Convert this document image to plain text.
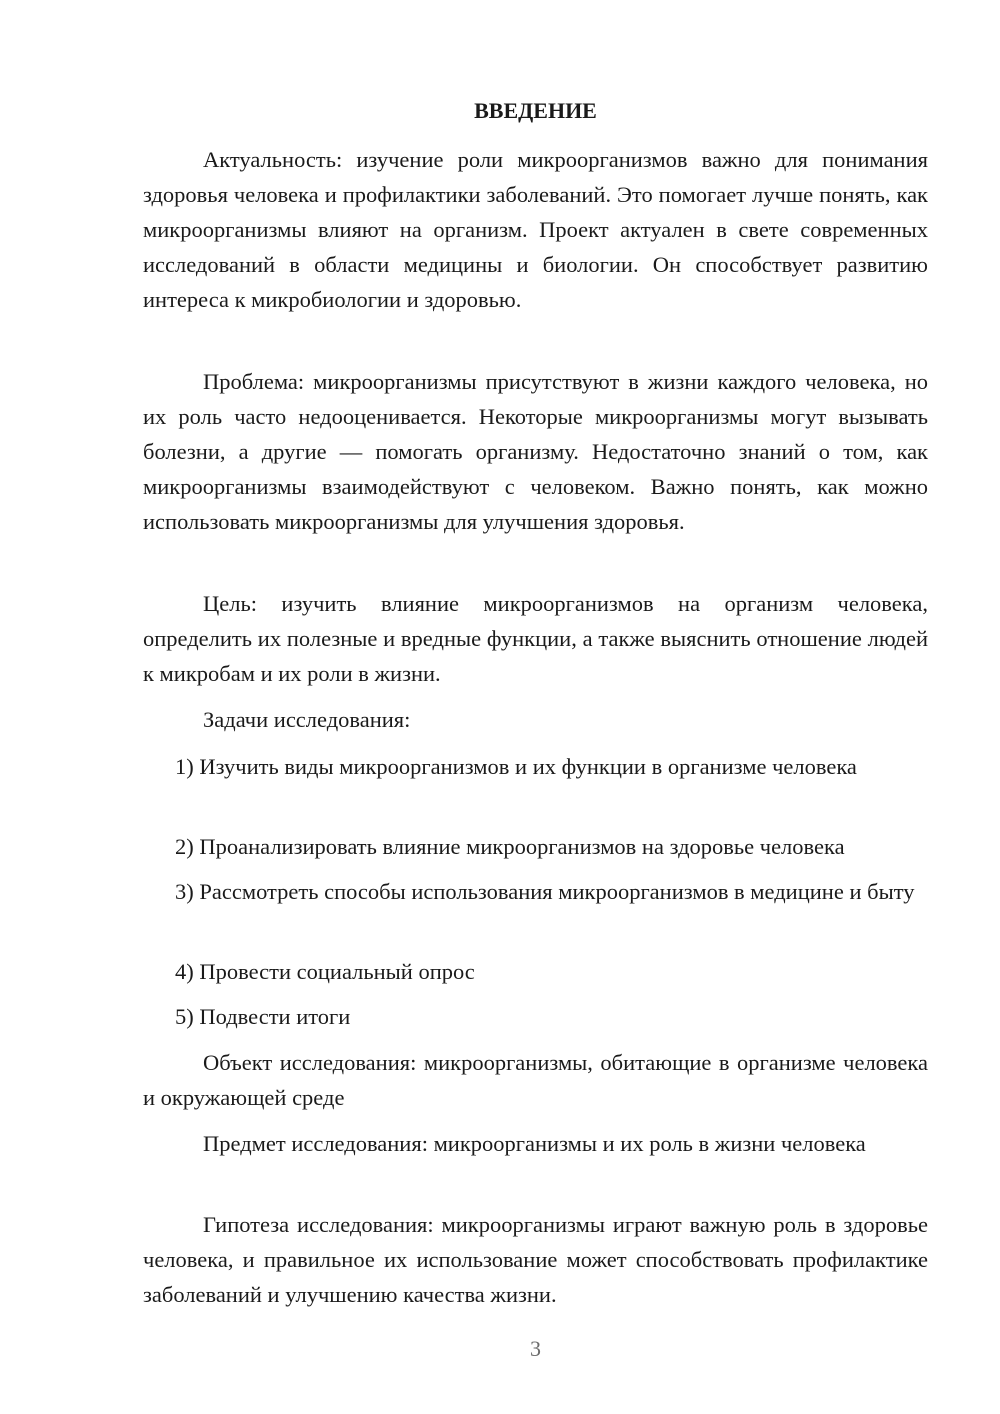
ВВЕДЕНИЕ

Актуальность: изучение роли микроорганизмов важно для понимания здоровья человека и профилактики заболеваний. Это помогает лучше понять, как микроорганизмы влияют на организм. Проект актуален в свете современных исследований в области медицины и биологии. Он способствует развитию интереса к микробиологии и здоровью.

Проблема: микроорганизмы присутствуют в жизни каждого человека, но их роль часто недооценивается. Некоторые микроорганизмы могут вызывать болезни, а другие — помогать организму. Недостаточно знаний о том, как микроорганизмы взаимодействуют с человеком. Важно понять, как можно использовать микроорганизмы для улучшения здоровья.

Цель: изучить влияние микроорганизмов на организм человека, определить их полезные и вредные функции, а также выяснить отношение людей к микробам и их роли в жизни.

Задачи исследования:

1) Изучить виды микроорганизмов и их функции в организме человека

2) Проанализировать влияние микроорганизмов на здоровье человека

3) Рассмотреть способы использования микроорганизмов в медицине и быту

4) Провести социальный опрос

5) Подвести итоги

Объект исследования: микроорганизмы, обитающие в организме человека и окружающей среде

Предмет исследования: микроорганизмы и их роль в жизни человека

Гипотеза исследования: микроорганизмы играют важную роль в здоровье человека, и правильное их использование может способствовать профилактике заболеваний и улучшению качества жизни.

3
